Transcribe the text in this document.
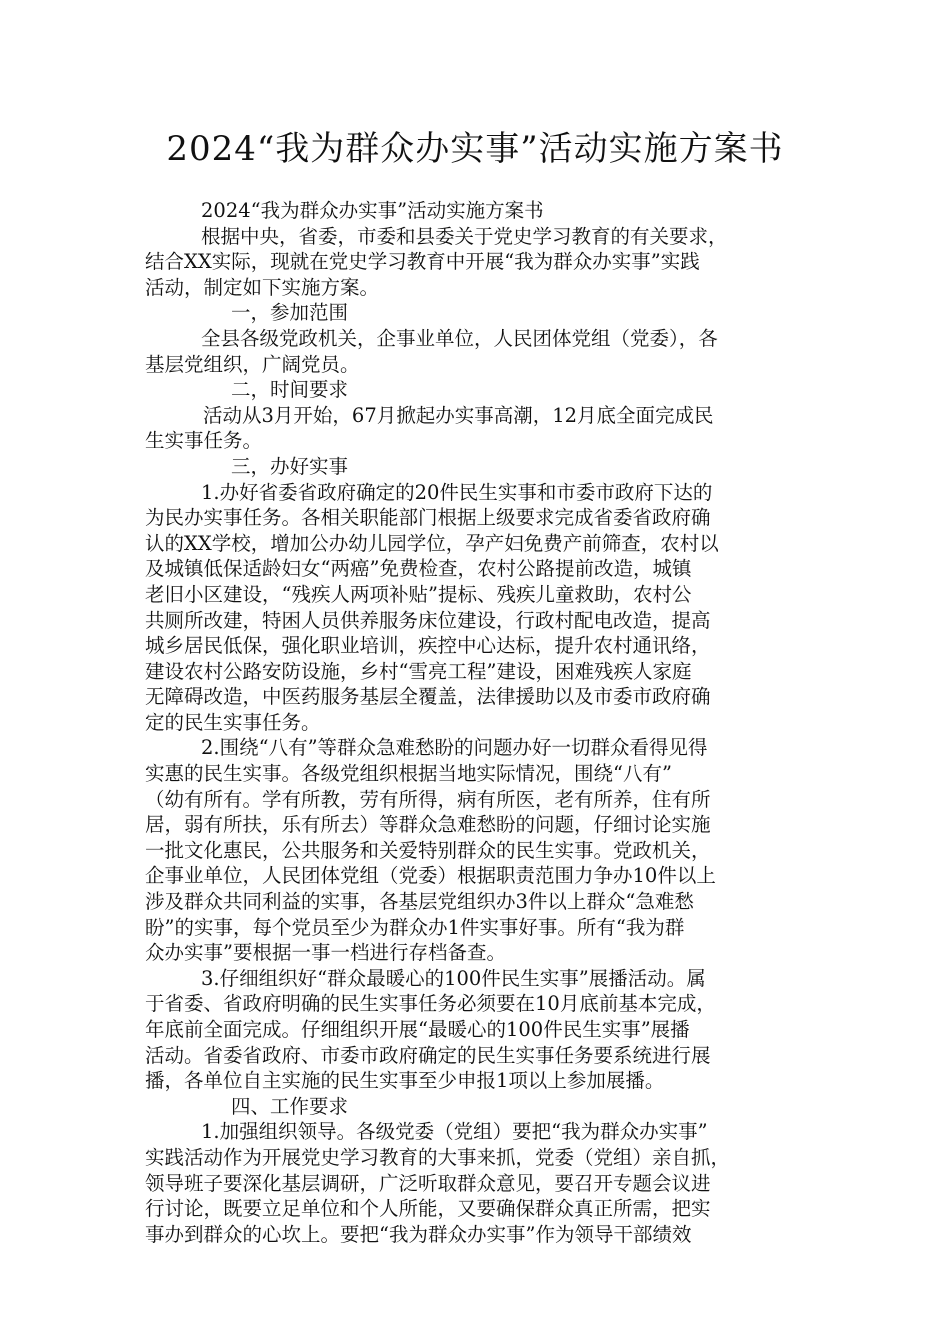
2024“我为群众办实事”活动实施方案书
2024“我为群众办实事”活动实施方案书
根据中央，省委，市委和县委关于党史学习教育的有关要求，
结合XX实际，现就在党史学习教育中开展“我为群众办实事”实践
活动，制定如下实施方案。
一，参加范围
全县各级党政机关，企事业单位，人民团体党组（党委），各
基层党组织，广阔党员。
二，时间要求
活动从3月开始，67月掀起办实事高潮，12月底全面完成民
生实事任务。
三，办好实事
1.办好省委省政府确定的20件民生实事和市委市政府下达的
为民办实事任务。各相关职能部门根据上级要求完成省委省政府确
认的XX学校，增加公办幼儿园学位，孕产妇免费产前筛查，农村以
及城镇低保适龄妇女“两癌”免费检查，农村公路提前改造，城镇
老旧小区建设，“残疾人两项补贴”提标、残疾儿童救助，农村公
共厕所改建，特困人员供养服务床位建设，行政村配电改造，提高
城乡居民低保，强化职业培训，疾控中心达标，提升农村通讯络，
建设农村公路安防设施，乡村“雪亮工程”建设，困难残疾人家庭
无障碍改造，中医药服务基层全覆盖，法律援助以及市委市政府确
定的民生实事任务。
2.围绕“八有”等群众急难愁盼的问题办好一切群众看得见得
实惠的民生实事。各级党组织根据当地实际情况，围绕“八有”
（幼有所有。学有所教，劳有所得，病有所医，老有所养，住有所
居，弱有所扶，乐有所去）等群众急难愁盼的问题，仔细讨论实施
一批文化惠民，公共服务和关爱特别群众的民生实事。党政机关，
企事业单位，人民团体党组（党委）根据职责范围力争办10件以上
涉及群众共同利益的实事，各基层党组织办3件以上群众“急难愁
盼”的实事，每个党员至少为群众办1件实事好事。所有“我为群
众办实事”要根据一事一档进行存档备查。
3.仔细组织好“群众最暖心的100件民生实事”展播活动。属
于省委、省政府明确的民生实事任务必须要在10月底前基本完成，
年底前全面完成。仔细组织开展“最暖心的100件民生实事”展播
活动。省委省政府、市委市政府确定的民生实事任务要系统进行展
播，各单位自主实施的民生实事至少申报1项以上参加展播。
四、工作要求
1.加强组织领导。各级党委（党组）要把“我为群众办实事”
实践活动作为开展党史学习教育的大事来抓，党委（党组）亲自抓，
领导班子要深化基层调研，广泛听取群众意见，要召开专题会议进
行讨论，既要立足单位和个人所能，又要确保群众真正所需，把实
事办到群众的心坎上。要把“我为群众办实事”作为领导干部绩效
